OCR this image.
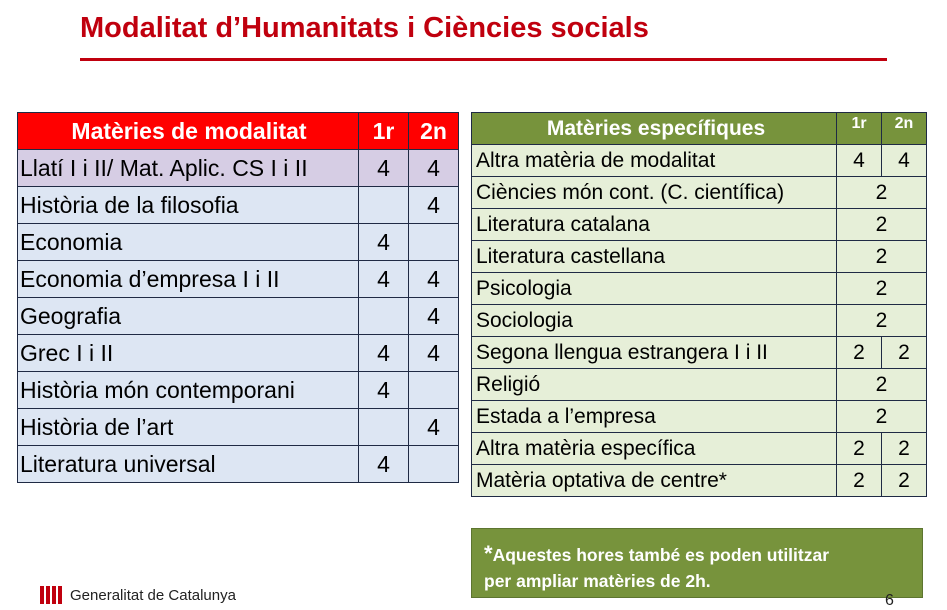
Modalitat d’Humanitats i Ciències socials
Matèries de modalitat	1r	2n
Llatí I i II/ Mat. Aplic. CS I i II	4	4
Història de la filosofia		4
Economia	4	
Economia d’empresa I i II	4	4
Geografia		4
Grec I i II	4	4
Història món contemporani	4	
Història de l’art		4
Literatura universal	4	
Matèries específiques	1r	2n
Altra matèria de modalitat	4	4
Ciències món cont. (C. científica)	2	
Literatura catalana	2	
Literatura castellana	2	
Psicologia	2	
Sociologia	2	
Segona llengua estrangera I i II	2	2
Religió	2	
Estada a l’empresa	2	
Altra matèria específica	2	2
Matèria optativa de centre*	2	2
*Aquestes hores també es poden utilitzar
per ampliar matèries de 2h.
Generalitat de Catalunya	6
